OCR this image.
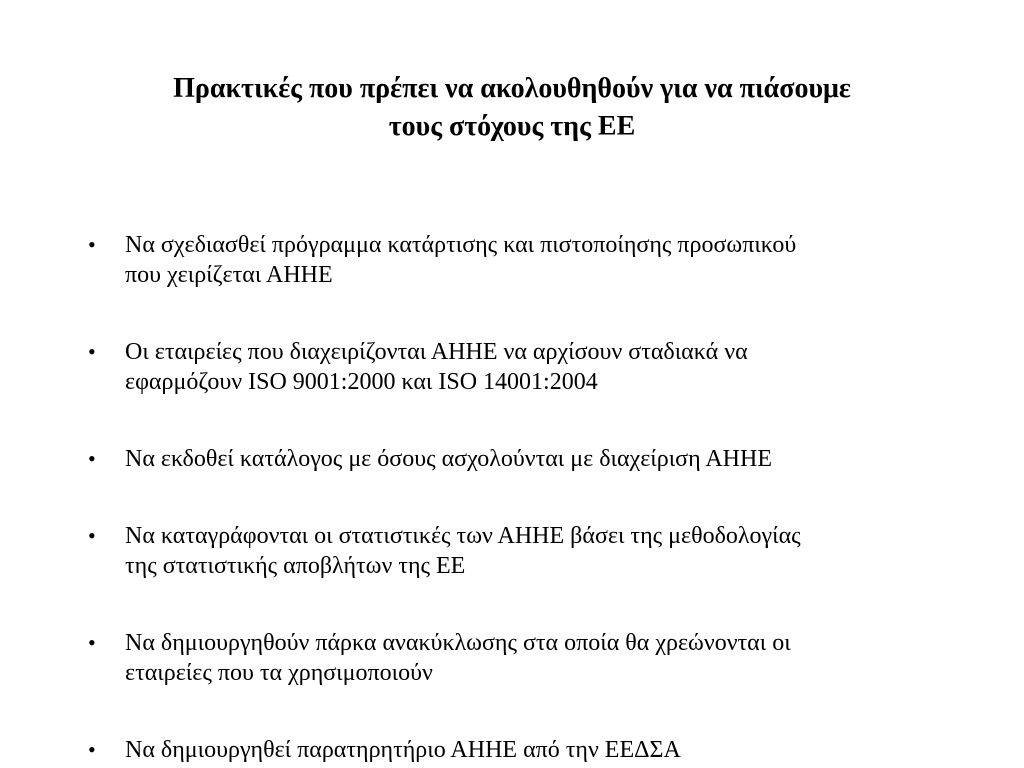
Πρακτικές που πρέπει να ακολουθηθούν για να πιάσουμε
τους στόχους της ΕΕ
• Να σχεδιασθεί πρόγραμμα κατάρτισης και πιστοποίησης προσωπικού
που χειρίζεται ΑΗΗΕ
• Οι εταιρείες που διαχειρίζονται ΑΗΗΕ να αρχίσουν σταδιακά να
εφαρμόζουν ISO 9001:2000 και ISO 14001:2004
• Να εκδοθεί κατάλογος με όσους ασχολούνται με διαχείριση ΑΗΗΕ
• Να καταγράφονται οι στατιστικές των ΑΗΗΕ βάσει της μεθοδολογίας
της στατιστικής αποβλήτων της ΕΕ
• Να δημιουργηθούν πάρκα ανακύκλωσης στα οποία θα χρεώνονται οι
εταιρείες που τα χρησιμοποιούν
• Να δημιουργηθεί παρατηρητήριο ΑΗΗΕ από την ΕΕΔΣΑ
